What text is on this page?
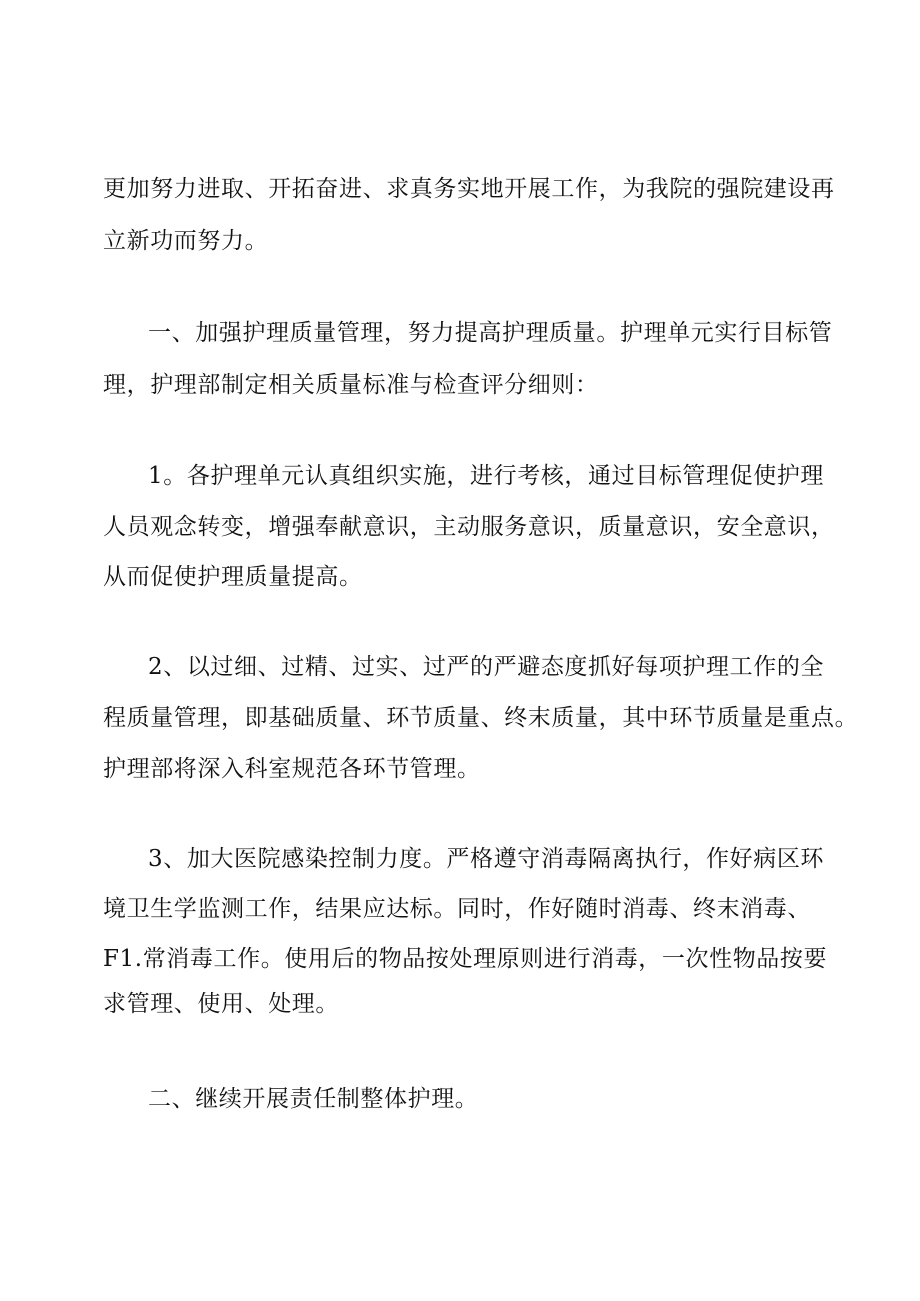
更加努力进取、开拓奋进、求真务实地开展工作，为我院的强院建设再
立新功而努力。
一、加强护理质量管理，努力提高护理质量。护理单元实行目标管
理，护理部制定相关质量标准与检查评分细则：
1。各护理单元认真组织实施，进行考核，通过目标管理促使护理
人员观念转变，增强奉献意识，主动服务意识，质量意识，安全意识，
从而促使护理质量提高。
2、以过细、过精、过实、过严的严避态度抓好每项护理工作的全
程质量管理，即基础质量、环节质量、终末质量，其中环节质量是重点。
护理部将深入科室规范各环节管理。
3、加大医院感染控制力度。严格遵守消毒隔离执行，作好病区环
境卫生学监测工作，结果应达标。同时，作好随时消毒、终末消毒、
F1.常消毒工作。使用后的物品按处理原则进行消毒，一次性物品按要
求管理、使用、处理。
二、继续开展责任制整体护理。
